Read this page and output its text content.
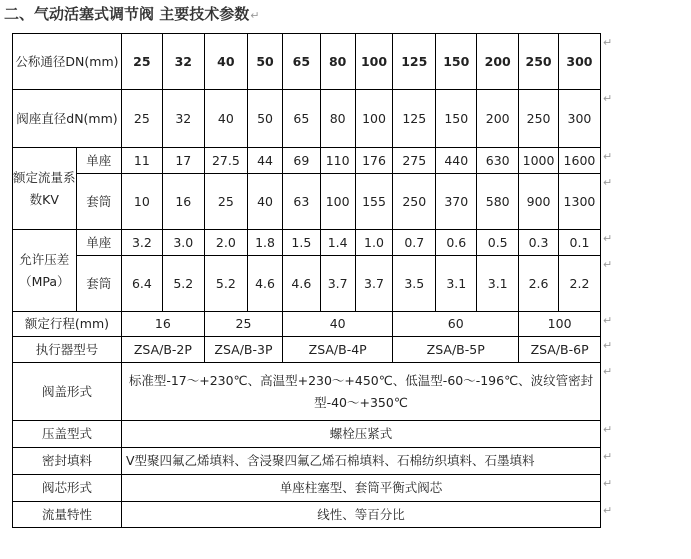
二、气动活塞式调节阀 主要技术参数↵
公称通径DN(mm)		25	32	40	50	65	80	100	125	150	200	250	300
阀座直径dN(mm)		25	32	40	50	65	80	100	125	150	200	250	300
额定流量系数KV	单座	11	17	27.5	44	69	110	176	275	440	630	1000	1600
	套筒	10	16	25	40	63	100	155	250	370	580	900	1300
允许压差（MPa）	单座	3.2	3.0	2.0	1.8	1.5	1.4	1.0	0.7	0.6	0.5	0.3	0.1
	套筒	6.4	5.2	5.2	4.6	4.6	3.7	3.7	3.5	3.1	3.1	2.6	2.2
额定行程(mm)		16		25		40			60			100	
执行器型号		ZSA/B-2P		ZSA/B-3P		ZSA/B-4P			ZSA/B-5P			ZSA/B-6P	
阀盖形式		标准型-17～+230℃、高温型+230～+450℃、低温型-60～-196℃、波纹管密封型-40～+350℃											
压盖型式		螺栓压紧式											
密封填料		V型聚四氟乙烯填料、含浸聚四氟乙烯石棉填料、石棉纺织填料、石墨填料											
阀芯形式		单座柱塞型、套筒平衡式阀芯											
流量特性		线性、等百分比											
↵
↵
↵
↵
↵
↵
↵
↵
↵
↵
↵
↵
↵
